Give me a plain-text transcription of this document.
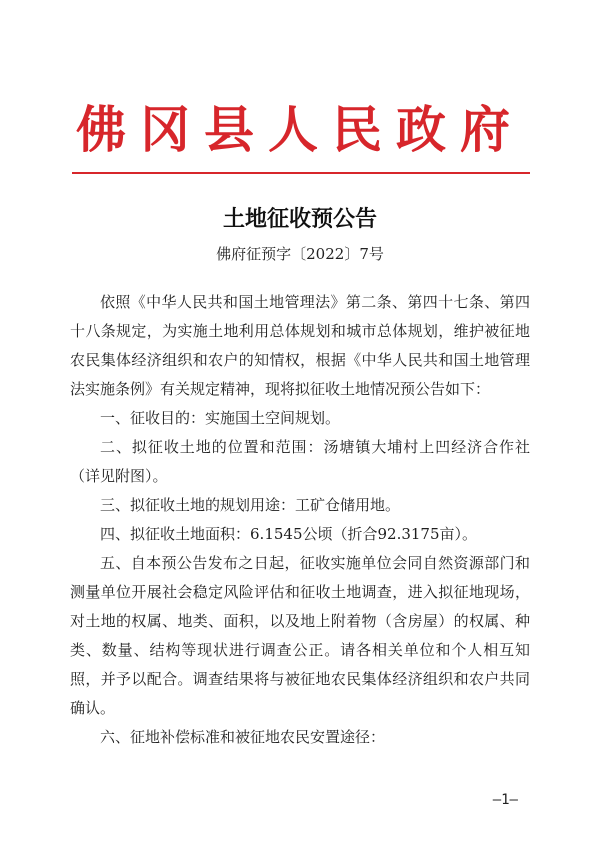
佛冈县人民政府
土地征收预公告
佛府征预字〔2022〕7号

依照《中华人民共和国土地管理法》第二条、第四十七条、第四十八条规定，为实施土地利用总体规划和城市总体规划，维护被征地农民集体经济组织和农户的知情权，根据《中华人民共和国土地管理法实施条例》有关规定精神，现将拟征收土地情况预公告如下：

一、征收目的：实施国土空间规划。

二、拟征收土地的位置和范围：汤塘镇大埔村上凹经济合作社（详见附图）。

三、拟征收土地的规划用途：工矿仓储用地。

四、拟征收土地面积：6.1545公顷（折合92.3175亩）。

五、自本预公告发布之日起，征收实施单位会同自然资源部门和测量单位开展社会稳定风险评估和征收土地调查，进入拟征地现场，对土地的权属、地类、面积，以及地上附着物（含房屋）的权属、种类、数量、结构等现状进行调查公正。请各相关单位和个人相互知照，并予以配合。调查结果将与被征地农民集体经济组织和农户共同确认。

六、征地补偿标准和被征地农民安置途径：

—1—
